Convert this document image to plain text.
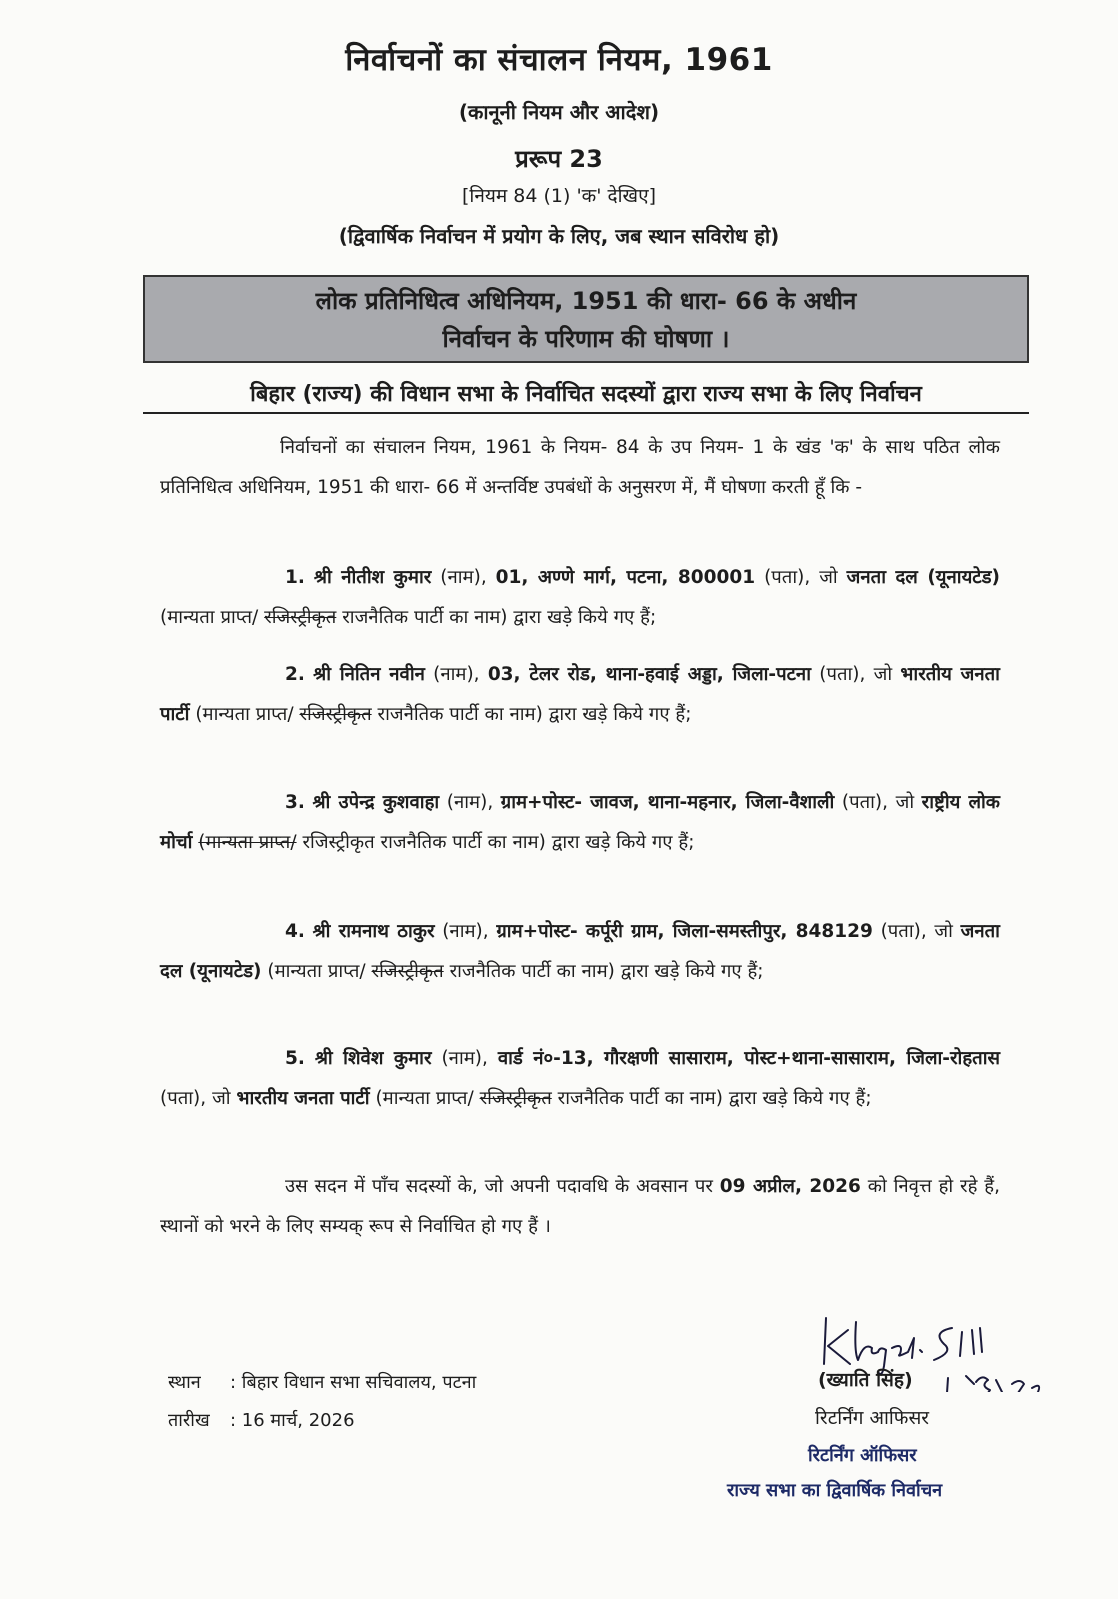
निर्वाचनों का संचालन नियम, 1961
(कानूनी नियम और आदेश)
प्ररूप 23
[नियम 84 (1) 'क' देखिए]
(द्विवार्षिक निर्वाचन में प्रयोग के लिए, जब स्थान सविरोध हो)
लोक प्रतिनिधित्व अधिनियम, 1951 की धारा- 66 के अधीन
निर्वाचन के परिणाम की घोषणा ।
बिहार (राज्य) की विधान सभा के निर्वाचित सदस्यों द्वारा राज्य सभा के लिए निर्वाचन
निर्वाचनों का संचालन नियम, 1961 के नियम- 84 के उप नियम- 1 के खंड 'क' के साथ पठित लोक प्रतिनिधित्व अधिनियम, 1951 की धारा- 66 में अन्तर्विष्ट उपबंधों के अनुसरण में, मैं घोषणा करती हूँ कि -
1. श्री नीतीश कुमार (नाम), 01, अण्णे मार्ग, पटना, 800001 (पता), जो जनता दल (यूनायटेड) (मान्यता प्राप्त/ रजिस्ट्रीकृत राजनैतिक पार्टी का नाम) द्वारा खड़े किये गए हैं;
2. श्री नितिन नवीन (नाम), 03, टेलर रोड, थाना-हवाई अड्डा, जिला-पटना (पता), जो भारतीय जनता पार्टी (मान्यता प्राप्त/ रजिस्ट्रीकृत राजनैतिक पार्टी का नाम) द्वारा खड़े किये गए हैं;
3. श्री उपेन्द्र कुशवाहा (नाम), ग्राम+पोस्ट- जावज, थाना-महनार, जिला-वैशाली (पता), जो राष्ट्रीय लोक मोर्चा (मान्यता प्राप्त/ रजिस्ट्रीकृत राजनैतिक पार्टी का नाम) द्वारा खड़े किये गए हैं;
4. श्री रामनाथ ठाकुर (नाम), ग्राम+पोस्ट- कर्पूरी ग्राम, जिला-समस्तीपुर, 848129 (पता), जो जनता दल (यूनायटेड) (मान्यता प्राप्त/ रजिस्ट्रीकृत राजनैतिक पार्टी का नाम) द्वारा खड़े किये गए हैं;
5. श्री शिवेश कुमार (नाम), वार्ड नं०-13, गौरक्षणी सासाराम, पोस्ट+थाना-सासाराम, जिला-रोहतास (पता), जो भारतीय जनता पार्टी (मान्यता प्राप्त/ रजिस्ट्रीकृत राजनैतिक पार्टी का नाम) द्वारा खड़े किये गए हैं;
उस सदन में पाँच सदस्यों के, जो अपनी पदावधि के अवसान पर 09 अप्रील, 2026 को निवृत्त हो रहे हैं, स्थानों को भरने के लिए सम्यक् रूप से निर्वाचित हो गए हैं ।
स्थान : बिहार विधान सभा सचिवालय, पटना
तारीख : 16 मार्च, 2026
(ख्याति सिंह)
रिटर्निंग आफिसर
रिटर्निंग ऑफिसर
राज्य सभा का द्विवार्षिक निर्वाचन
